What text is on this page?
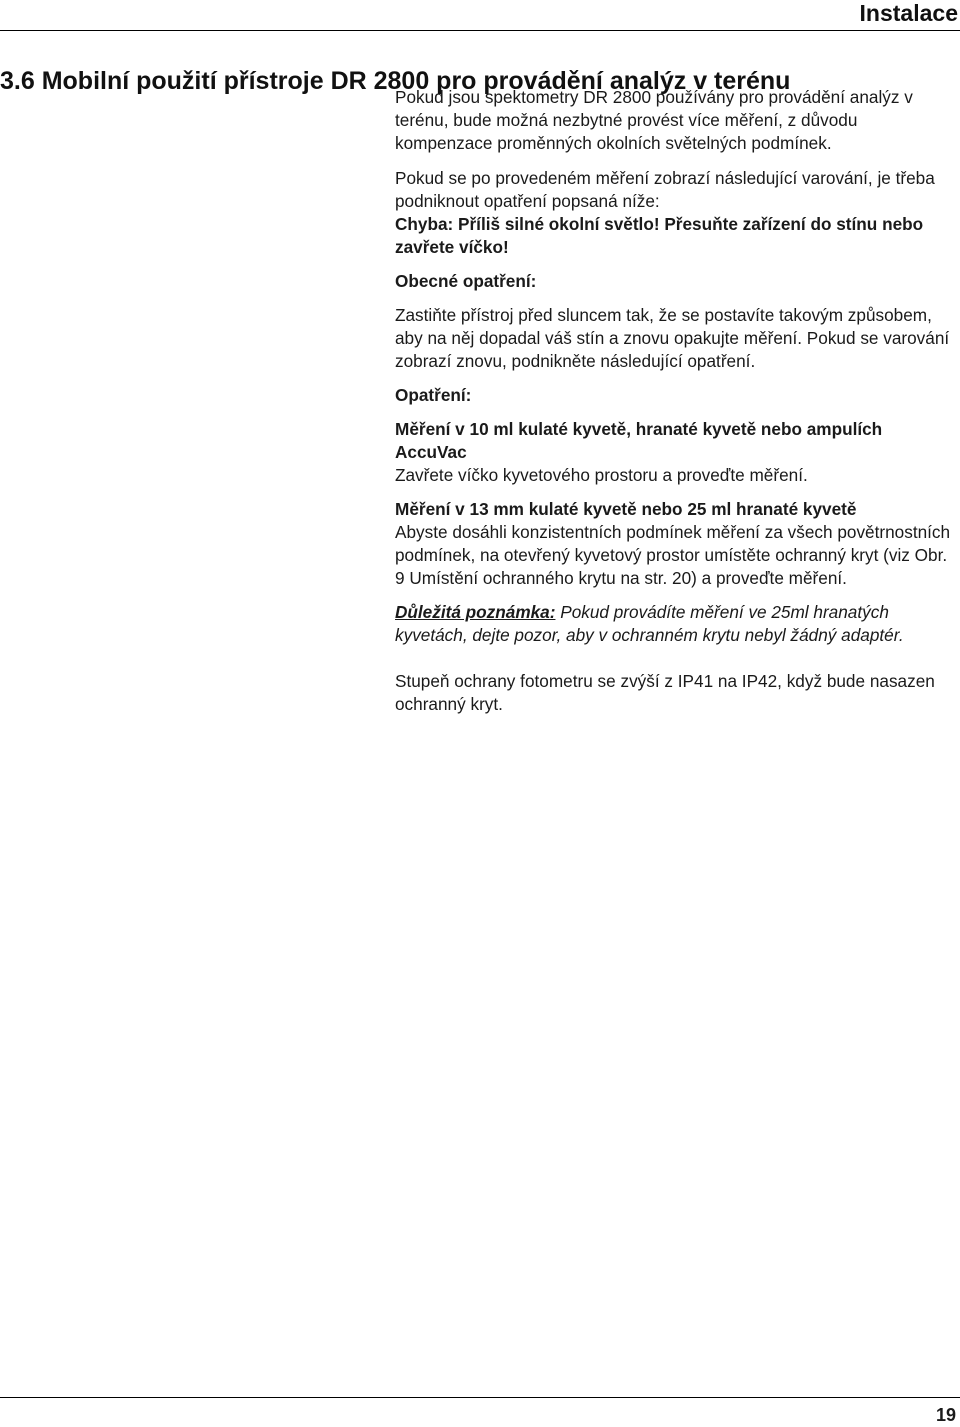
Instalace
3.6 Mobilní použití přístroje DR 2800 pro provádění analýz v terénu

Pokud jsou spektometry DR 2800 používány pro provádění analýz v terénu, bude možná nezbytné provést více měření, z důvodu kompenzace proměnných okolních světelných podmínek.

Pokud se po provedeném měření zobrazí následující varování, je třeba podniknout opatření popsaná níže:

Chyba: Příliš silné okolní světlo! Přesuňte zařízení do stínu nebo zavřete víčko!

Obecné opatření:

Zastiňte přístroj před sluncem tak, že se postavíte takovým způsobem, aby na něj dopadal váš stín a znovu opakujte měření. Pokud se varování zobrazí znovu, podnikněte následující opatření.

Opatření:

Měření v 10 ml kulaté kyvetě, hranaté kyvetě nebo ampulích AccuVac

Zavřete víčko kyvetového prostoru a proveďte měření.

Měření v 13 mm kulaté kyvetě nebo 25 ml hranaté kyvetě

Abyste dosáhli konzistentních podmínek měření za všech povětrnostních podmínek, na otevřený kyvetový prostor umístěte ochranný kryt (viz Obr. 9 Umístění ochranného krytu na str. 20) a proveďte měření.

Důležitá poznámka: Pokud provádíte měření ve 25ml hranatých kyvetách, dejte pozor, aby v ochranném krytu nebyl žádný adaptér.

Stupeň ochrany fotometru se zvýší z IP41 na IP42, když bude nasazen ochranný kryt.

19
